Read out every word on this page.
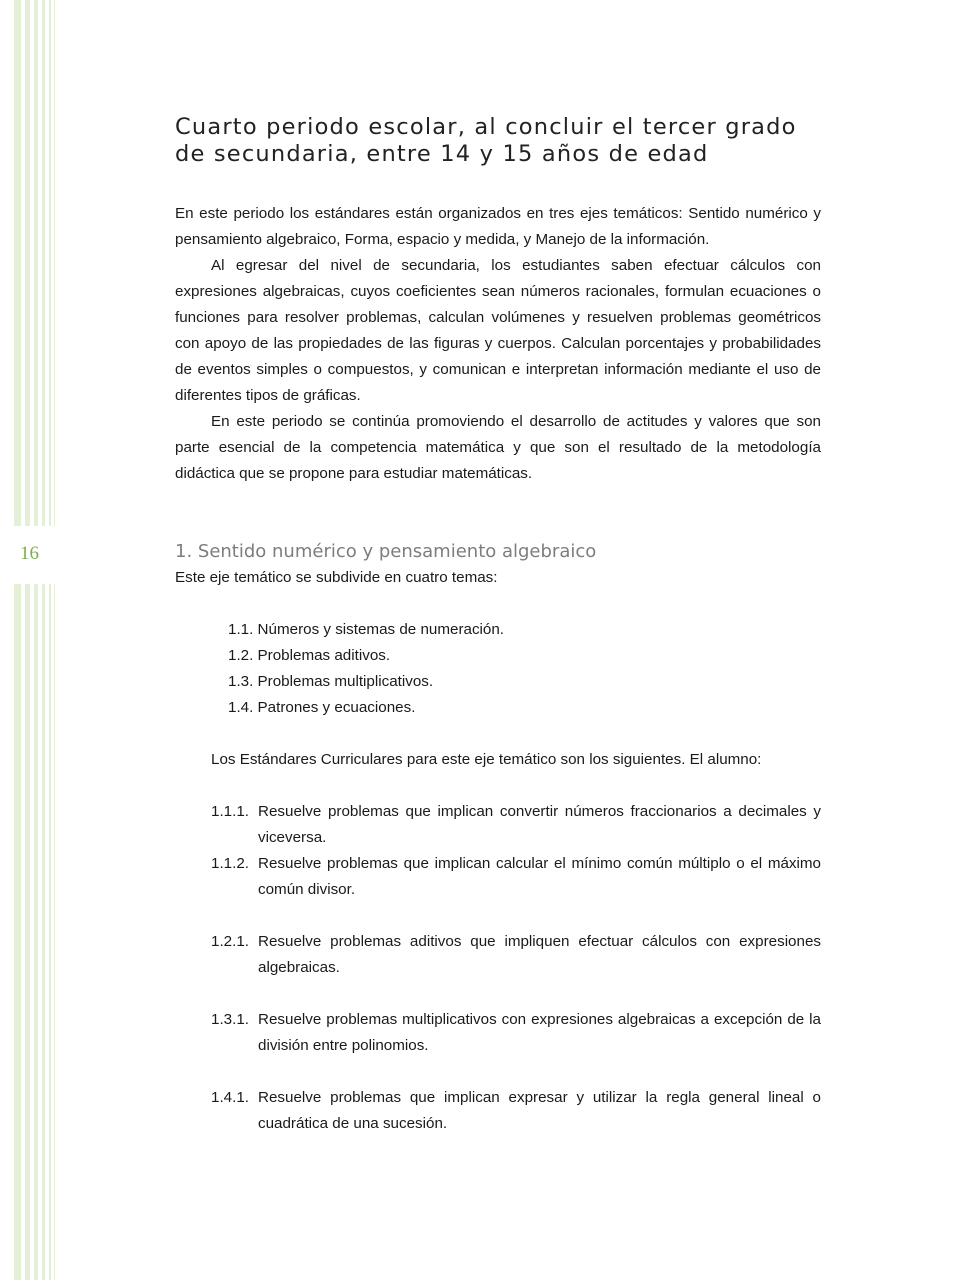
16
Cuarto periodo escolar, al concluir el tercer grado de secundaria, entre 14 y 15 años de edad

En este periodo los estándares están organizados en tres ejes temáticos: Sentido numérico y pensamiento algebraico, Forma, espacio y medida, y Manejo de la información.

Al egresar del nivel de secundaria, los estudiantes saben efectuar cálculos con expresiones algebraicas, cuyos coeficientes sean números racionales, formulan ecuaciones o funciones para resolver problemas, calculan volúmenes y resuelven problemas geométricos con apoyo de las propiedades de las figuras y cuerpos. Calculan porcentajes y probabilidades de eventos simples o compuestos, y comunican e interpretan información mediante el uso de diferentes tipos de gráficas.

En este periodo se continúa promoviendo el desarrollo de actitudes y valores que son parte esencial de la competencia matemática y que son el resultado de la metodología didáctica que se propone para estudiar matemáticas.

1. Sentido numérico y pensamiento algebraico

Este eje temático se subdivide en cuatro temas:

1.1. Números y sistemas de numeración.
1.2. Problemas aditivos.
1.3. Problemas multiplicativos.
1.4. Patrones y ecuaciones.

Los Estándares Curriculares para este eje temático son los siguientes. El alumno:

1.1.1. Resuelve problemas que implican convertir números fraccionarios a decimales y viceversa.
1.1.2. Resuelve problemas que implican calcular el mínimo común múltiplo o el máximo común divisor.
1.2.1. Resuelve problemas aditivos que impliquen efectuar cálculos con expresiones algebraicas.
1.3.1. Resuelve problemas multiplicativos con expresiones algebraicas a excepción de la división entre polinomios.
1.4.1. Resuelve problemas que implican expresar y utilizar la regla general lineal o cuadrática de una sucesión.
